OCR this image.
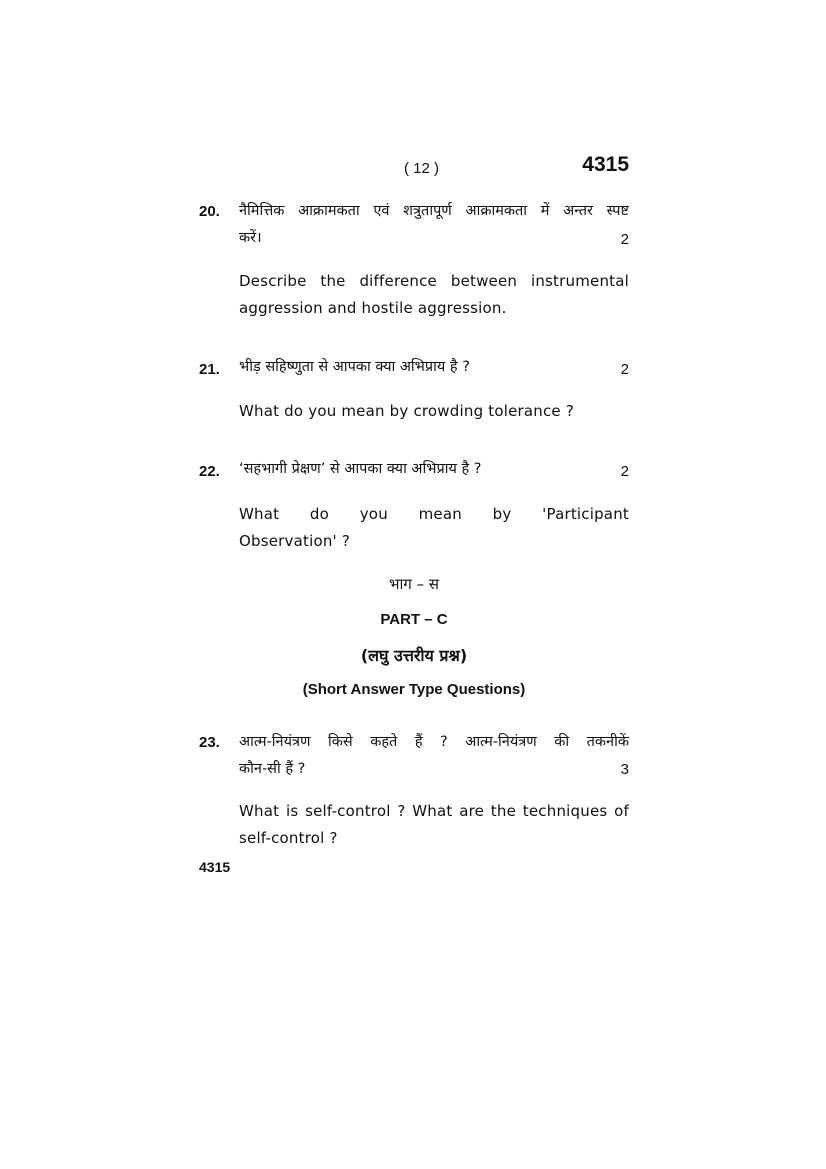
( 12 )	4315
20. नैमित्तिक आक्रामकता एवं शत्रुतापूर्ण आक्रामकता में अन्तर स्पष्ट
करें।	2
Describe the difference between instrumental
aggression and hostile aggression.
21. भीड़ सहिष्णुता से आपका क्या अभिप्राय है ?	2
What do you mean by crowding tolerance ?
22. ‘सहभागी प्रेक्षण’ से आपका क्या अभिप्राय है ?	2
What do you mean by 'Participant
Observation' ?
भाग – स
PART – C
(लघु उत्तरीय प्रश्न)
(Short Answer Type Questions)
23. आत्म-नियंत्रण किसे कहते हैं ? आत्म-नियंत्रण की तकनीकें
कौन-सी हैं ?	3
What is self-control ? What are the techniques of
self-control ?
4315
